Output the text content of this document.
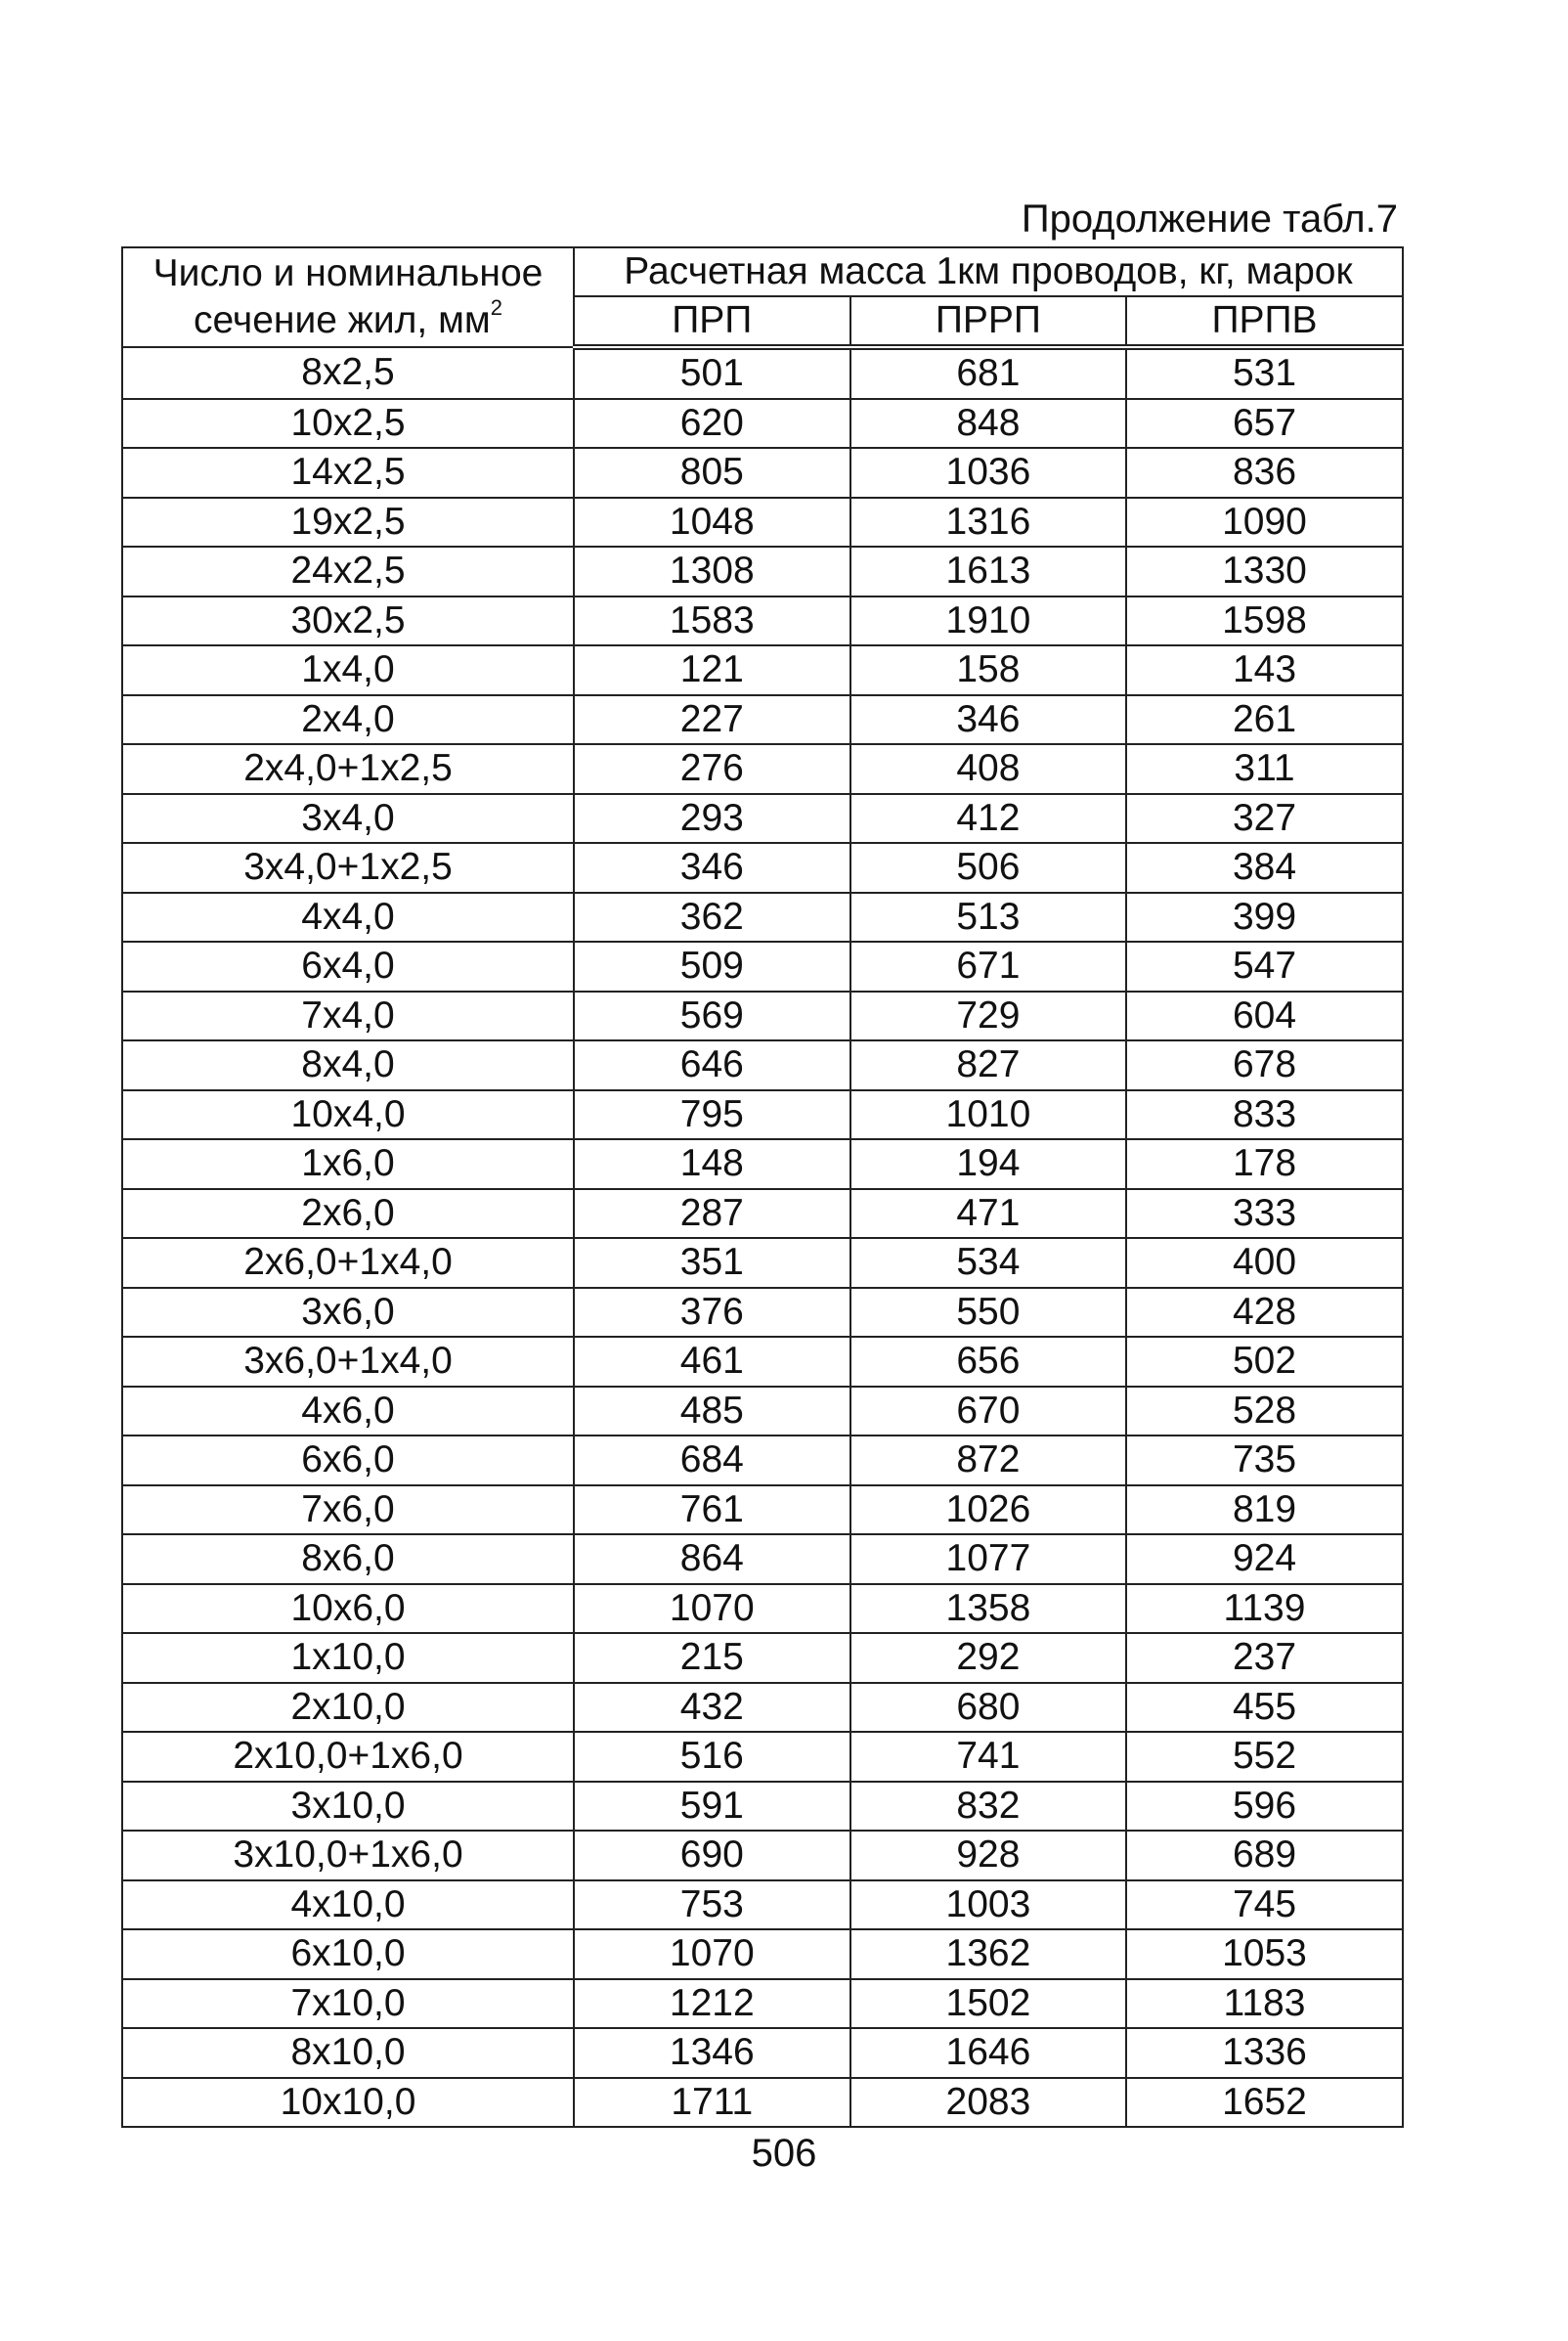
Продолжение табл.7
Число и номинальное
сечение жил, $мм^2$	Расчетная масса 1км проводов, кг, марок		
	ПРП	ПРРП	ПРПВ
8х2,5	501	681	531
10х2,5	620	848	657
14х2,5	805	1036	836
19х2,5	1048	1316	1090
24х2,5	1308	1613	1330
30х2,5	1583	1910	1598
1х4,0	121	158	143
2х4,0	227	346	261
2х4,0+1х2,5	276	408	311
3х4,0	293	412	327
3х4,0+1х2,5	346	506	384
4х4,0	362	513	399
6х4,0	509	671	547
7х4,0	569	729	604
8х4,0	646	827	678
10х4,0	795	1010	833
1х6,0	148	194	178
2х6,0	287	471	333
2х6,0+1х4,0	351	534	400
3х6,0	376	550	428
3х6,0+1х4,0	461	656	502
4х6,0	485	670	528
6х6,0	684	872	735
7х6,0	761	1026	819
8х6,0	864	1077	924
10х6,0	1070	1358	1139
1х10,0	215	292	237
2х10,0	432	680	455
2х10,0+1х6,0	516	741	552
3х10,0	591	832	596
3х10,0+1х6,0	690	928	689
4х10,0	753	1003	745
6х10,0	1070	1362	1053
7х10,0	1212	1502	1183
8х10,0	1346	1646	1336
10х10,0	1711	2083	1652
506
